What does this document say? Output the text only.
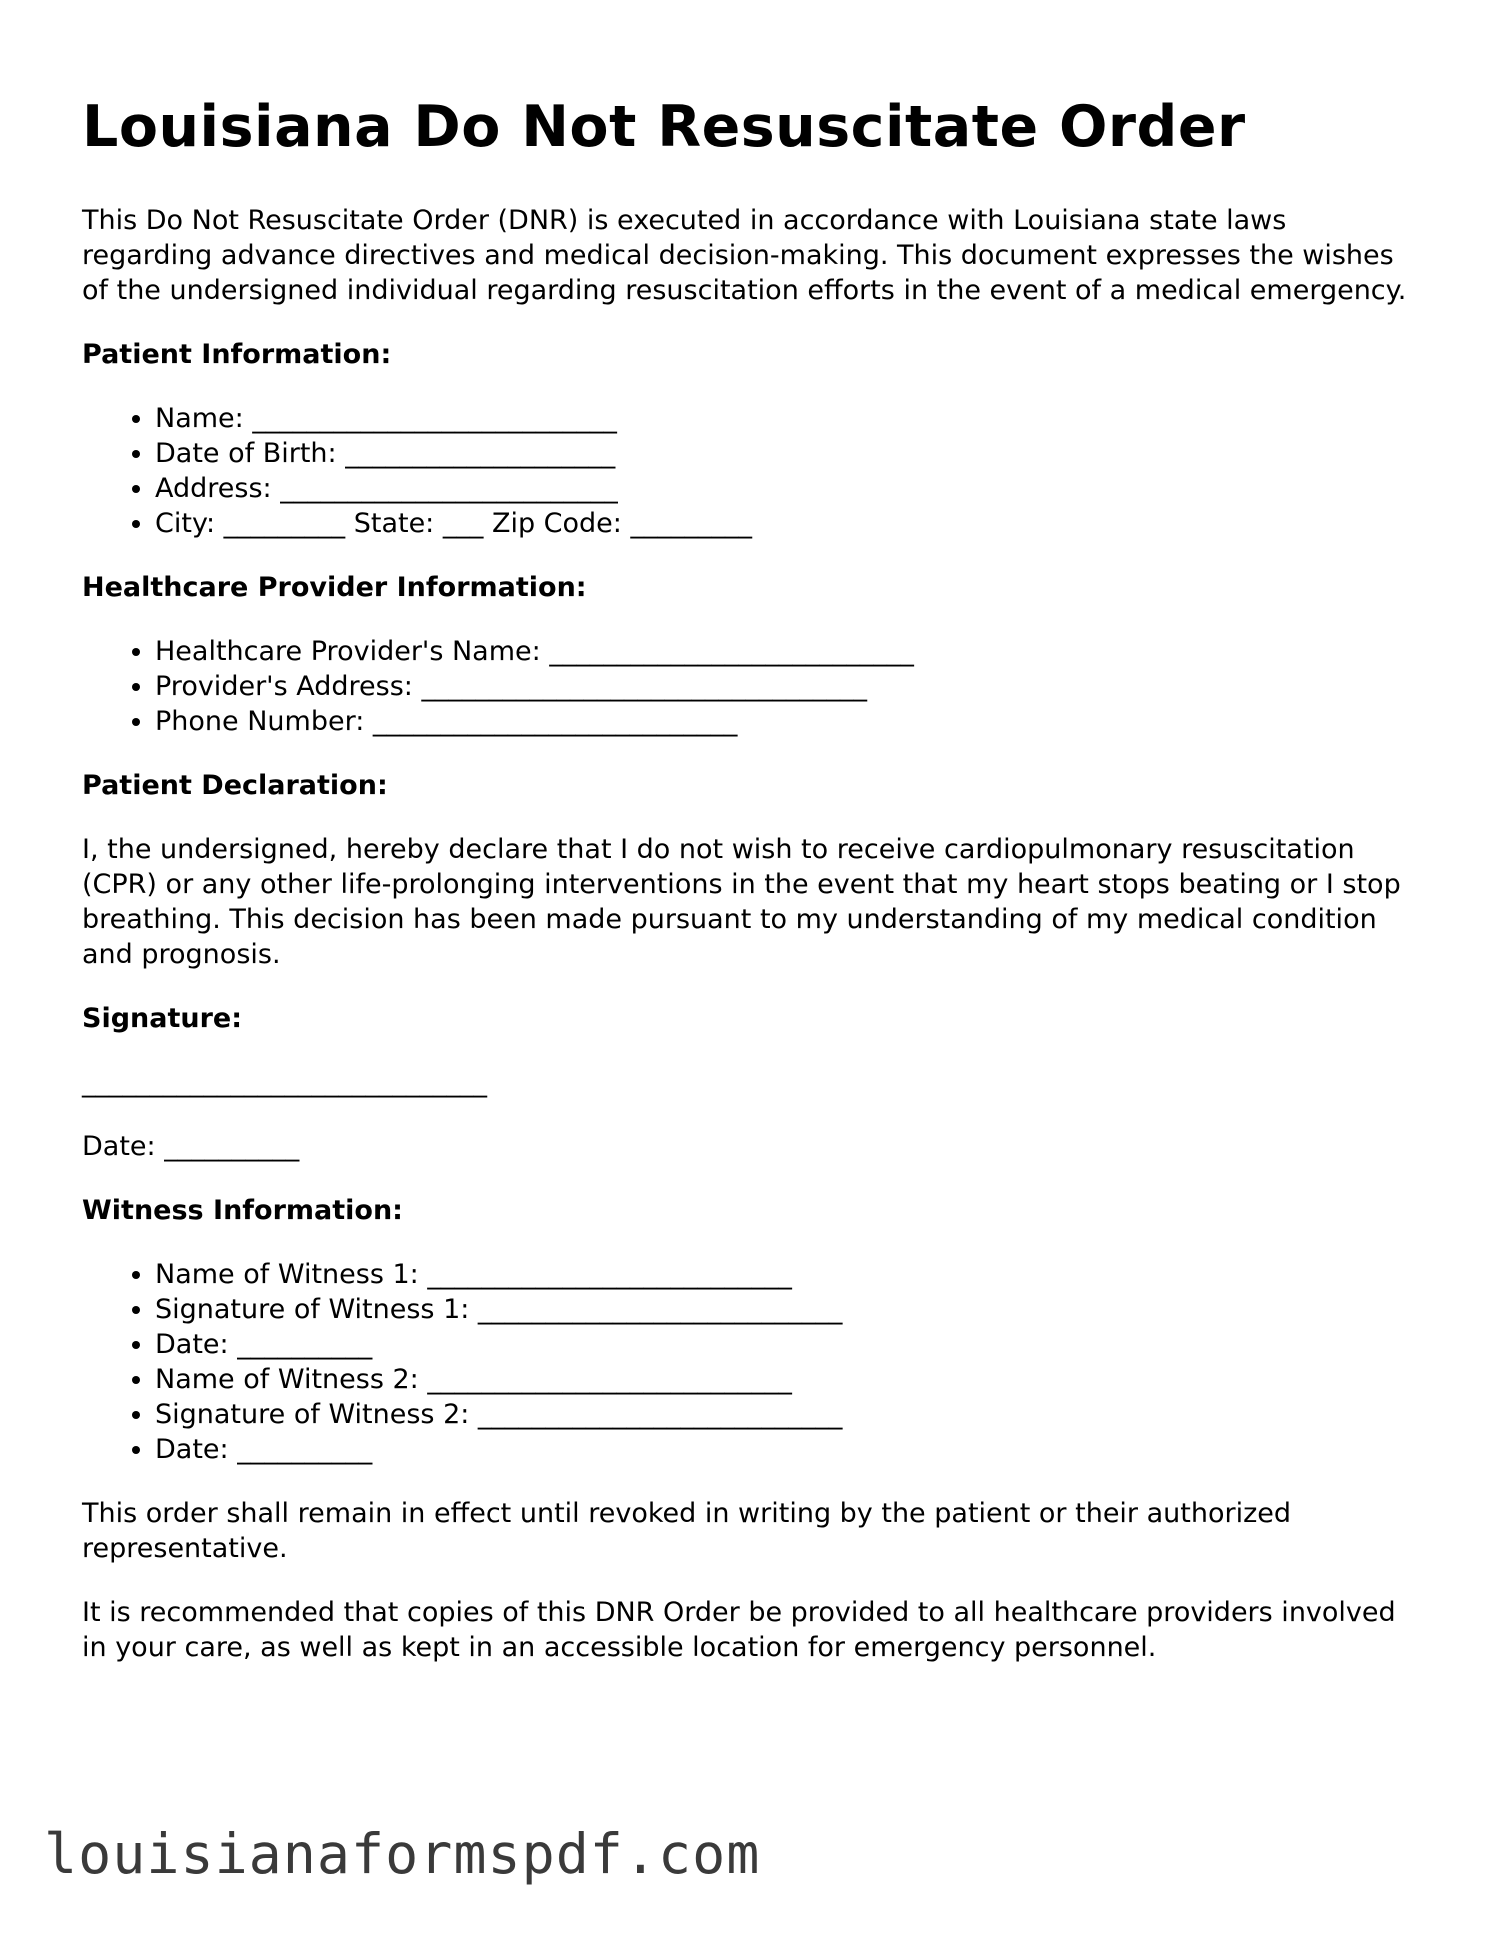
Louisiana Do Not Resuscitate Order

This Do Not Resuscitate Order (DNR) is executed in accordance with Louisiana state laws regarding advance directives and medical decision-making. This document expresses the wishes of the undersigned individual regarding resuscitation efforts in the event of a medical emergency.

Patient Information:
• Name: ___________________________
• Date of Birth: ____________________
• Address: _________________________
• City: _________ State: ___ Zip Code: _________
Healthcare Provider Information:
• Healthcare Provider's Name: ___________________________
• Provider's Address: _________________________________
• Phone Number: ___________________________
Patient Declaration:

I, the undersigned, hereby declare that I do not wish to receive cardiopulmonary resuscitation (CPR) or any other life-prolonging interventions in the event that my heart stops beating or I stop breathing. This decision has been made pursuant to my understanding of my medical condition and prognosis.

Signature:
______________________________
Date: __________
Witness Information:
• Name of Witness 1: ___________________________
• Signature of Witness 1: ___________________________
• Date: __________
• Name of Witness 2: ___________________________
• Signature of Witness 2: ___________________________
• Date: __________

This order shall remain in effect until revoked in writing by the patient or their authorized representative.

It is recommended that copies of this DNR Order be provided to all healthcare providers involved in your care, as well as kept in an accessible location for emergency personnel.

louisianaformspdf.com
